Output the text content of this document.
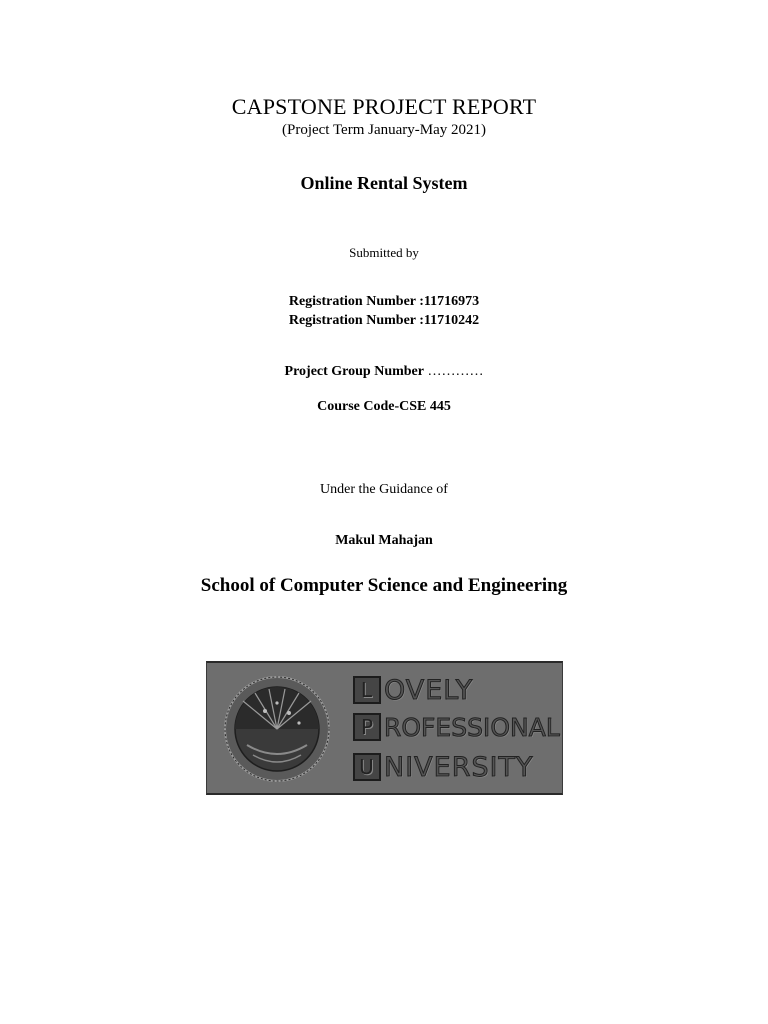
CAPSTONE PROJECT REPORT
(Project Term January-May 2021)
Online Rental System
Submitted by
Registration Number :11716973
Registration Number :11710242
Project Group Number …………
Course Code-CSE 445
Under the Guidance of
Makul Mahajan
School of Computer Science and Engineering
L OVELY
P ROFESSIONAL
U NIVERSITY
